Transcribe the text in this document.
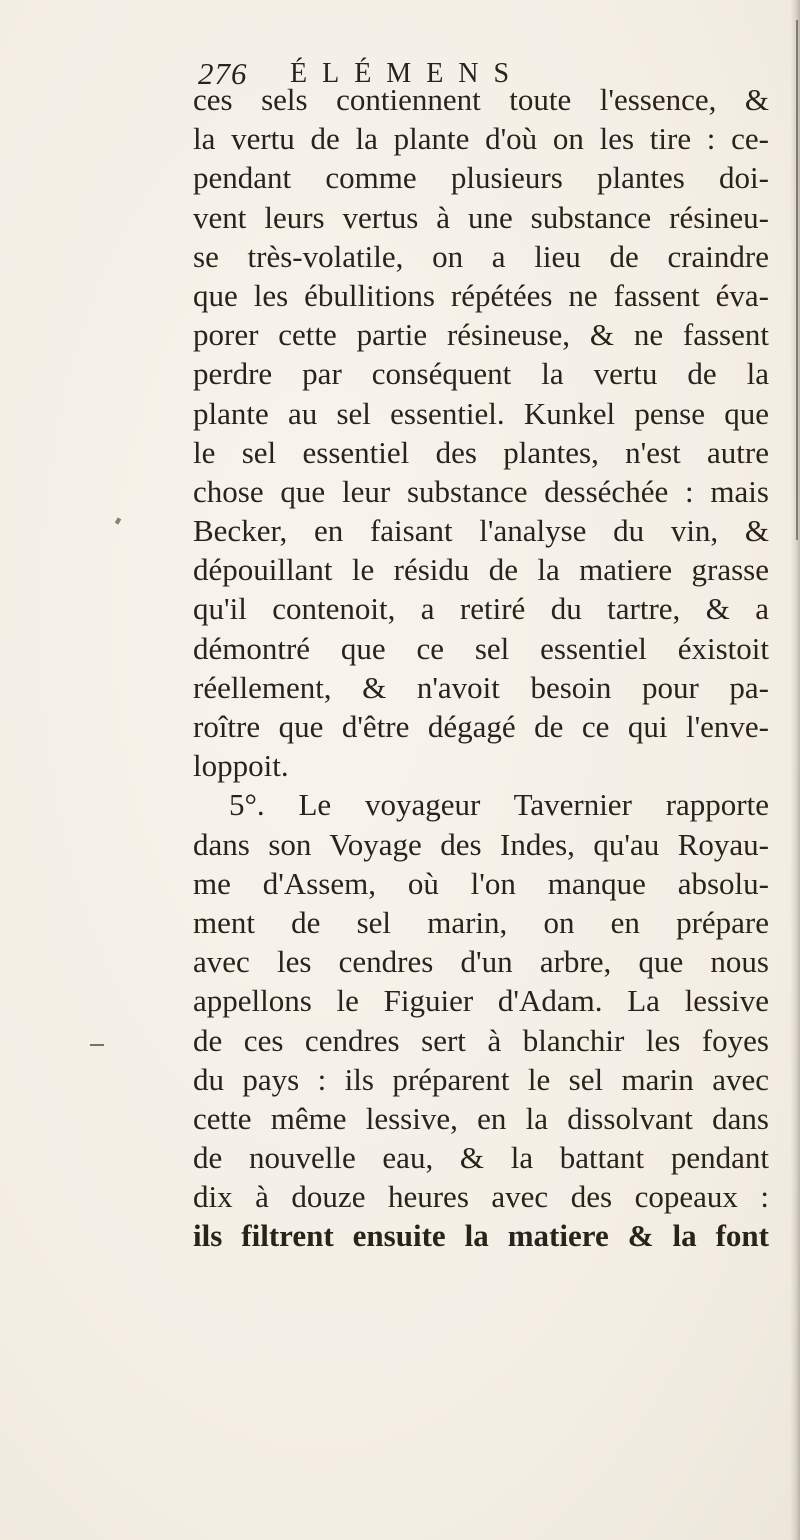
276 ÉLÉMENS
ces sels contiennent toute l'essence, &
la vertu de la plante d'où on les tire : ce-
pendant comme plusieurs plantes doi-
vent leurs vertus à une substance résineu-
se très-volatile, on a lieu de craindre
que les ébullitions répétées ne fassent éva-
porer cette partie résineuse, & ne fassent
perdre par conséquent la vertu de la
plante au sel essentiel. Kunkel pense que
le sel essentiel des plantes, n'est autre
chose que leur substance desséchée : mais
Becker, en faisant l'analyse du vin, &
dépouillant le résidu de la matiere grasse
qu'il contenoit, a retiré du tartre, & a
démontré que ce sel essentiel éxistoit
réellement, & n'avoit besoin pour pa-
roître que d'être dégagé de ce qui l'enve-
loppoit.
5°. Le voyageur Tavernier rapporte
dans son Voyage des Indes, qu'au Royau-
me d'Assem, où l'on manque absolu-
ment de sel marin, on en prépare
avec les cendres d'un arbre, que nous
appellons le Figuier d'Adam. La lessive
de ces cendres sert à blanchir les foyes
du pays : ils préparent le sel marin avec
cette même lessive, en la dissolvant dans
de nouvelle eau, & la battant pendant
dix à douze heures avec des copeaux :
ils filtrent ensuite la matiere & la font
